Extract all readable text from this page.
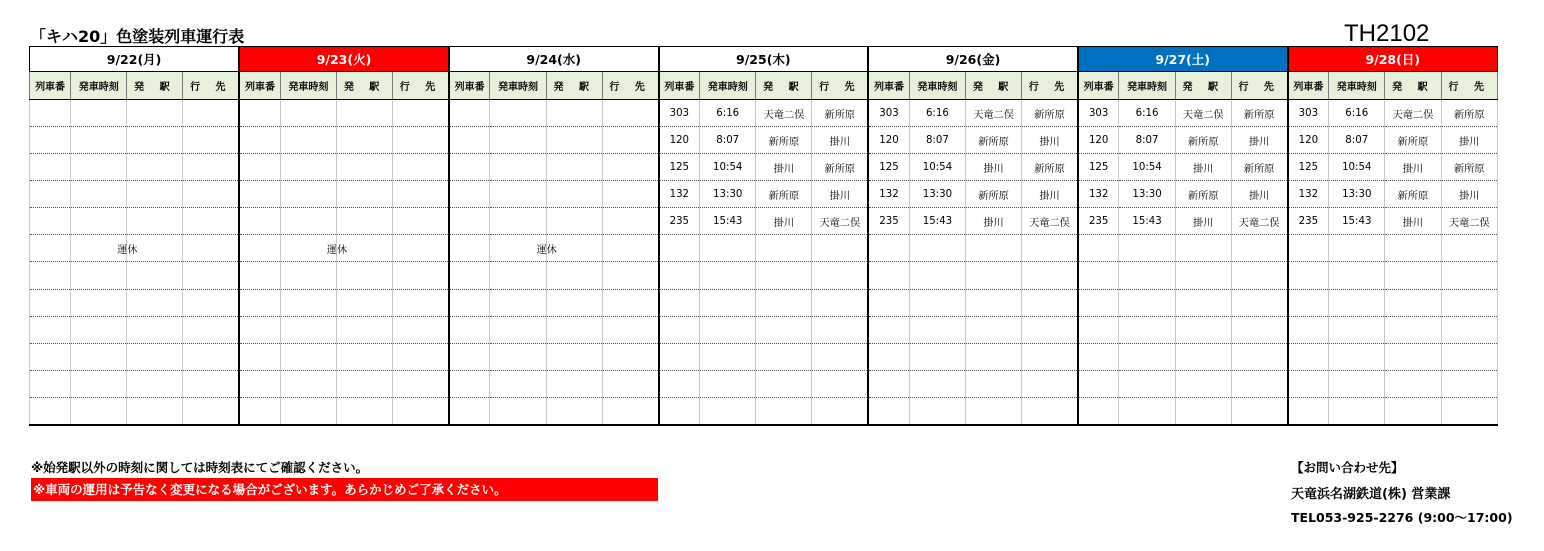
「キハ20」色塗装列車運行表	TH2102
9/22(月)				9/23(火)				9/24(水)				9/25(木)				9/26(金)				9/27(土)				9/28(日)			
列車番	発車時刻	発 駅	行 先	列車番	発車時刻	発 駅	行 先	列車番	発車時刻	発 駅	行 先	列車番	発車時刻	発 駅	行 先	列車番	発車時刻	発 駅	行 先	列車番	発車時刻	発 駅	行 先	列車番	発車時刻	発 駅	行 先
												303	6:16	天竜二俣	新所原	303	6:16	天竜二俣	新所原	303	6:16	天竜二俣	新所原	303	6:16	天竜二俣	新所原
												120	8:07	新所原	掛川	120	8:07	新所原	掛川	120	8:07	新所原	掛川	120	8:07	新所原	掛川
												125	10:54	掛川	新所原	125	10:54	掛川	新所原	125	10:54	掛川	新所原	125	10:54	掛川	新所原
												132	13:30	新所原	掛川	132	13:30	新所原	掛川	132	13:30	新所原	掛川	132	13:30	新所原	掛川
												235	15:43	掛川	天竜二俣	235	15:43	掛川	天竜二俣	235	15:43	掛川	天竜二俣	235	15:43	掛川	天竜二俣
	運休				運休				運休																		

※始発駅以外の時刻に関しては時刻表にてご確認ください。
※車両の運用は予告なく変更になる場合がございます。あらかじめご了承ください。
【お問い合わせ先】
天竜浜名湖鉄道(株) 営業課
TEL053-925-2276 (9:00～17:00)
